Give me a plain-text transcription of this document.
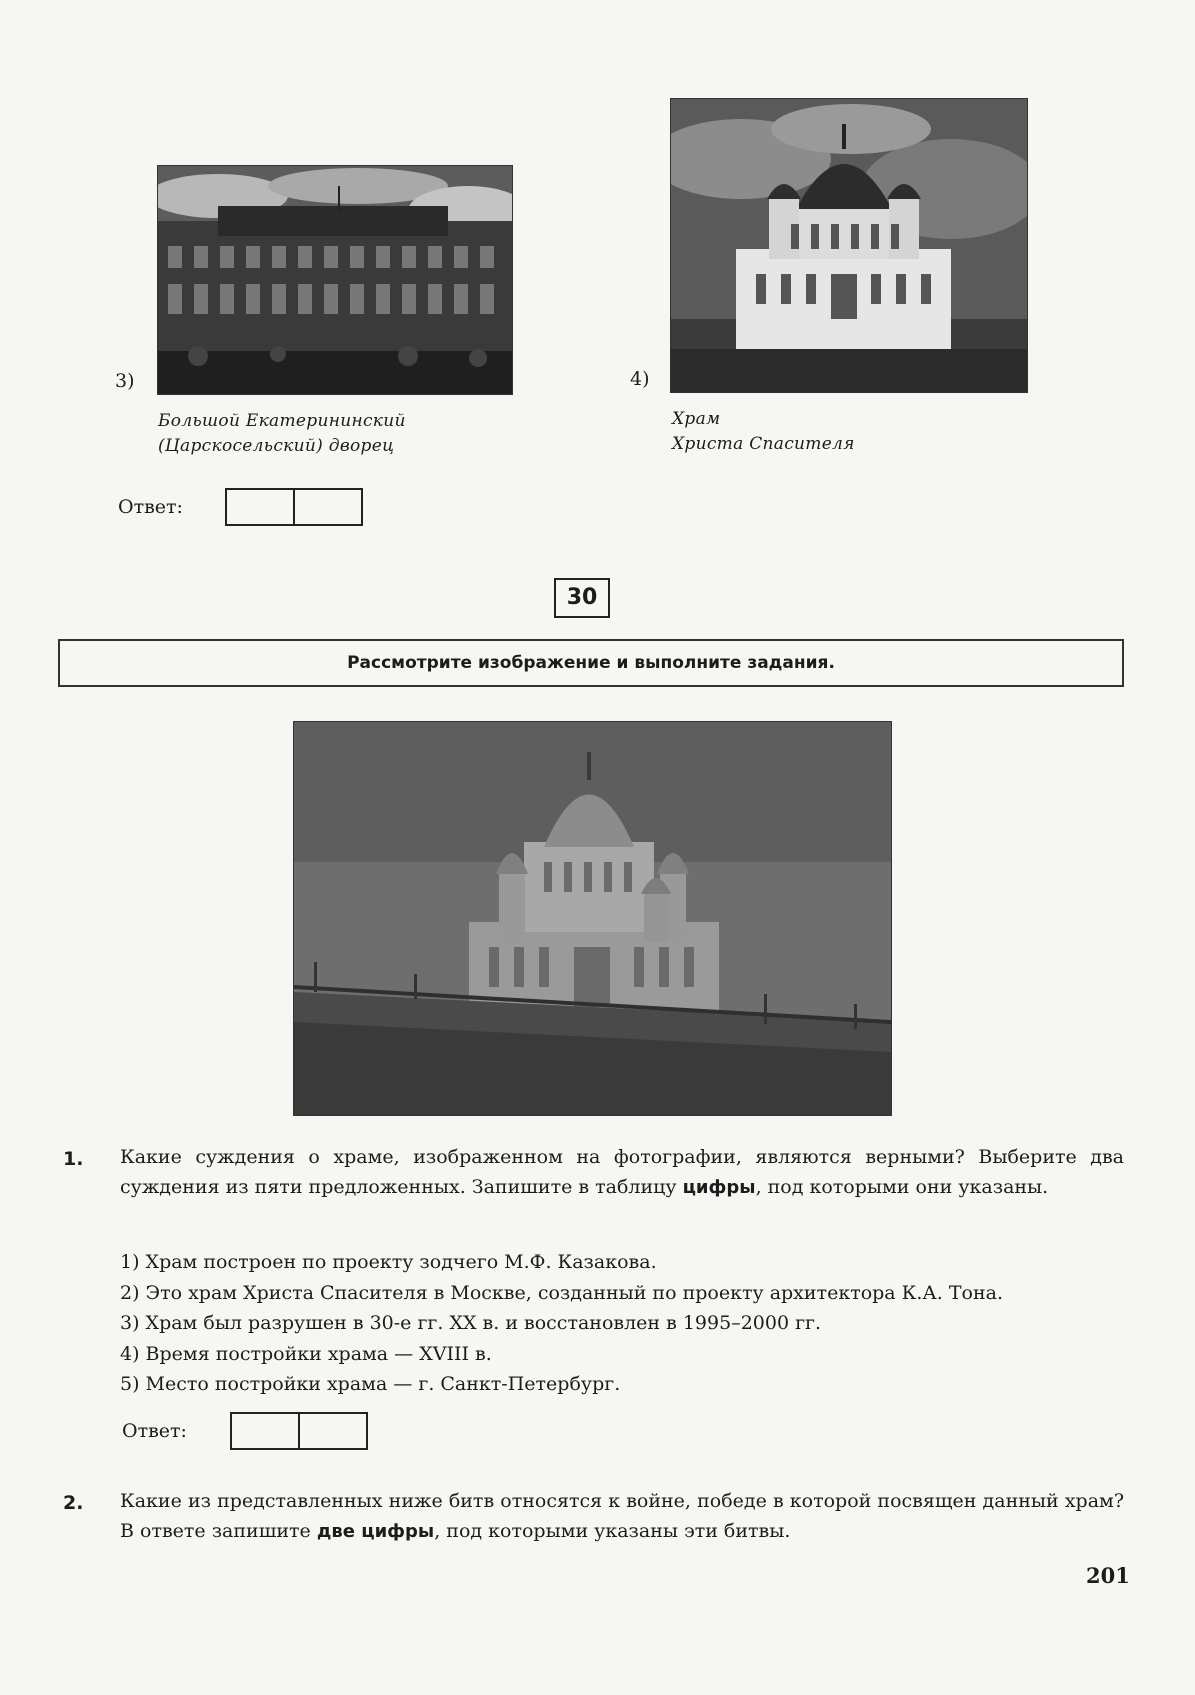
3)
Большой Екатерининский
(Царскосельский) дворец
4)
Храм
Христа Спасителя
Ответ:
30
Рассмотрите изображение и выполните задания.
1. Какие суждения о храме, изображенном на фотографии, являются верными? Выберите два суждения из пяти предложенных. Запишите в таблицу цифры, под которыми они указаны.
1) Храм построен по проекту зодчего М.Ф. Казакова.
2) Это храм Христа Спасителя в Москве, созданный по проекту архитектора К.А. Тона.
3) Храм был разрушен в 30-е гг. XX в. и восстановлен в 1995–2000 гг.
4) Время постройки храма — XVIII в.
5) Место постройки храма — г. Санкт-Петербург.
Ответ:
2. Какие из представленных ниже битв относятся к войне, победе в которой посвящен данный храм? В ответе запишите две цифры, под которыми указаны эти битвы.
201
